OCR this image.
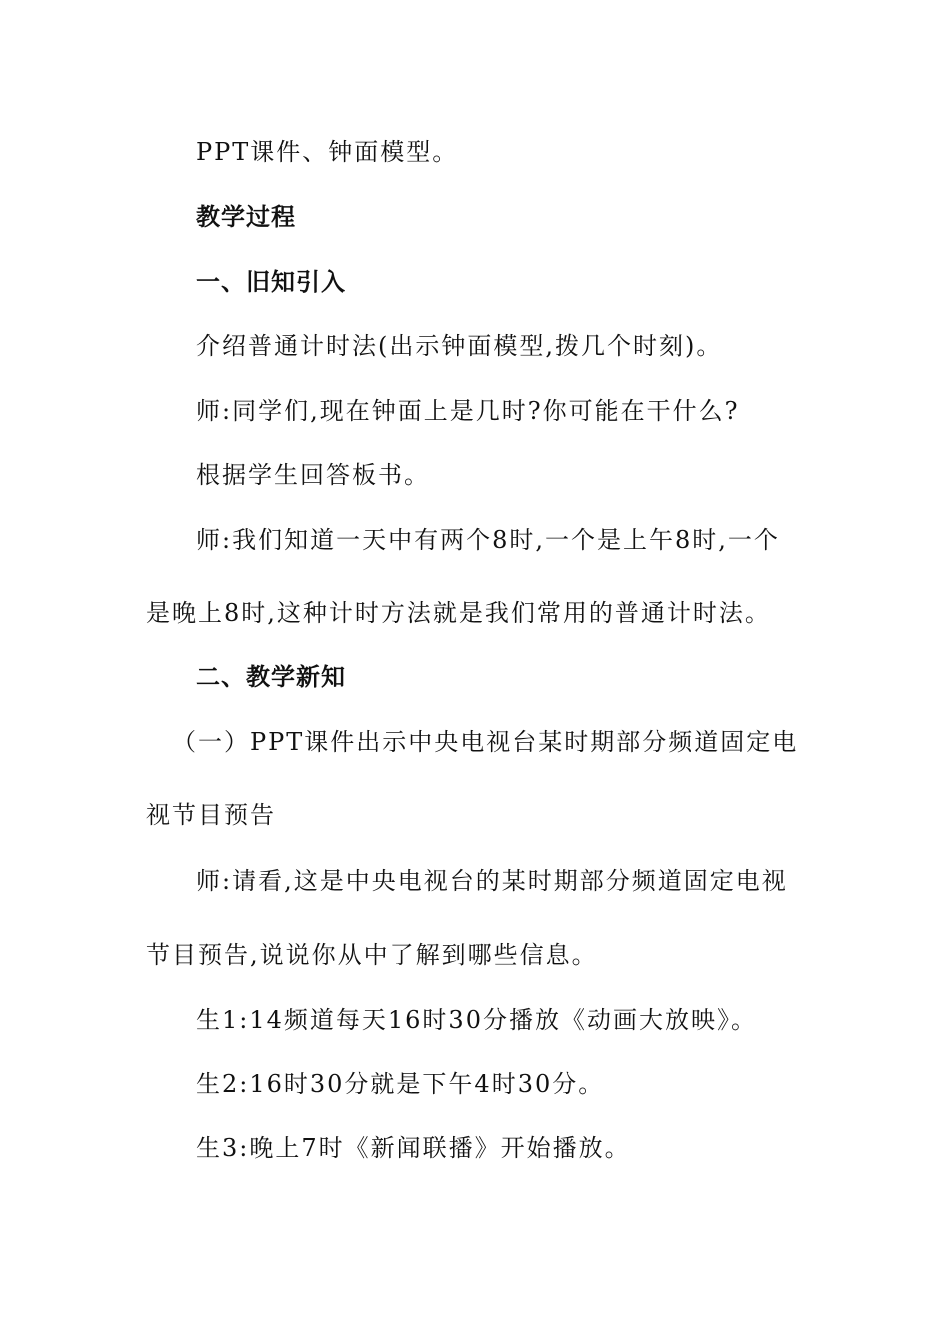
PPT课件、钟面模型。
教学过程
一、旧知引入
介绍普通计时法(出示钟面模型,拨几个时刻)。
师:同学们,现在钟面上是几时?你可能在干什么?
根据学生回答板书。
师:我们知道一天中有两个8时,一个是上午8时,一个
是晚上8时,这种计时方法就是我们常用的普通计时法。
二、教学新知
（一）PPT课件出示中央电视台某时期部分频道固定电
视节目预告
师:请看,这是中央电视台的某时期部分频道固定电视
节目预告,说说你从中了解到哪些信息。
生1:14频道每天16时30分播放《动画大放映》。
生2:16时30分就是下午4时30分。
生3:晚上7时《新闻联播》开始播放。
